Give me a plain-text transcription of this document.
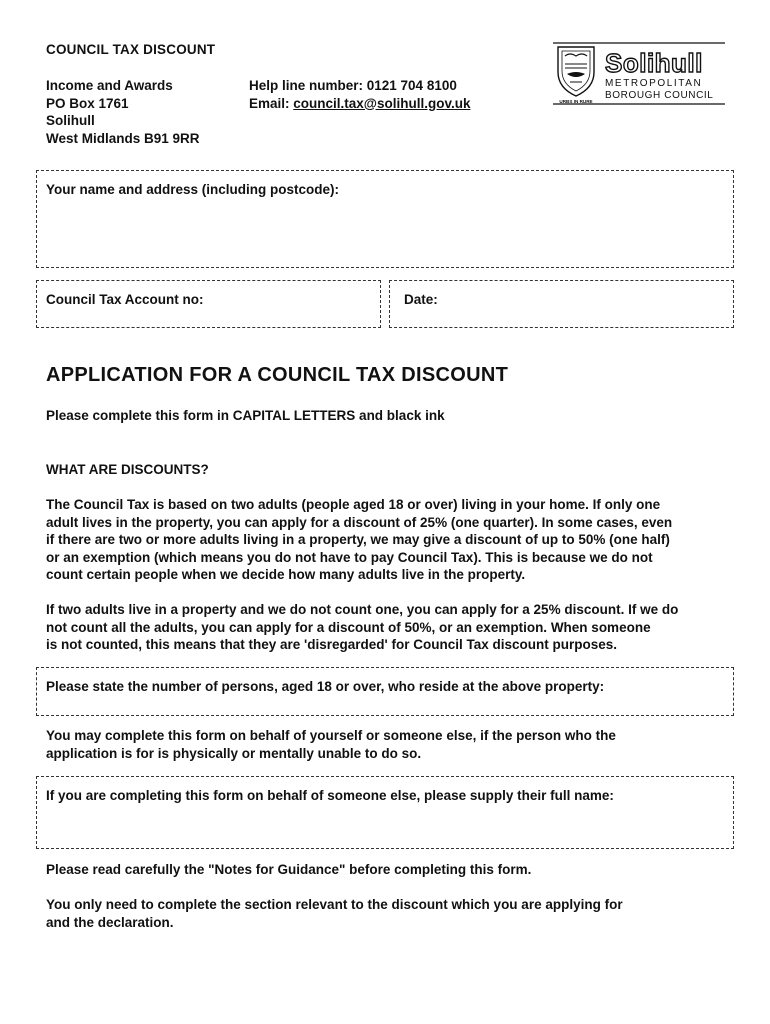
COUNCIL TAX DISCOUNT
Income and Awards
PO Box 1761
Solihull
West Midlands B91 9RR
Help line number: 0121 704 8100
Email: council.tax@solihull.gov.uk	URBS IN RURE
Solihull
METROPOLITAN
BOROUGH COUNCIL
Your name and address (including postcode):
Council Tax Account no:	Date:
APPLICATION FOR A COUNCIL TAX DISCOUNT
Please complete this form in CAPITAL LETTERS and black ink
WHAT ARE DISCOUNTS?

The Council Tax is based on two adults (people aged 18 or over) living in your home. If only one

adult lives in the property, you can apply for a discount of 25% (one quarter). In some cases, even

if there are two or more adults living in a property, we may give a discount of up to 50% (one half)

or an exemption (which means you do not have to pay Council Tax). This is because we do not

count certain people when we decide how many adults live in the property.

If two adults live in a property and we do not count one, you can apply for a 25% discount. If we do

not count all the adults, you can apply for a discount of 50%, or an exemption. When someone

is not counted, this means that they are 'disregarded' for Council Tax discount purposes.

Please state the number of persons, aged 18 or over, who reside at the above property:

You may complete this form on behalf of yourself or someone else, if the person who the

application is for is physically or mentally unable to do so.

If you are completing this form on behalf of someone else, please supply their full name:
Please read carefully the "Notes for Guidance" before completing this form.

You only need to complete the section relevant to the discount which you are applying for

and the declaration.
